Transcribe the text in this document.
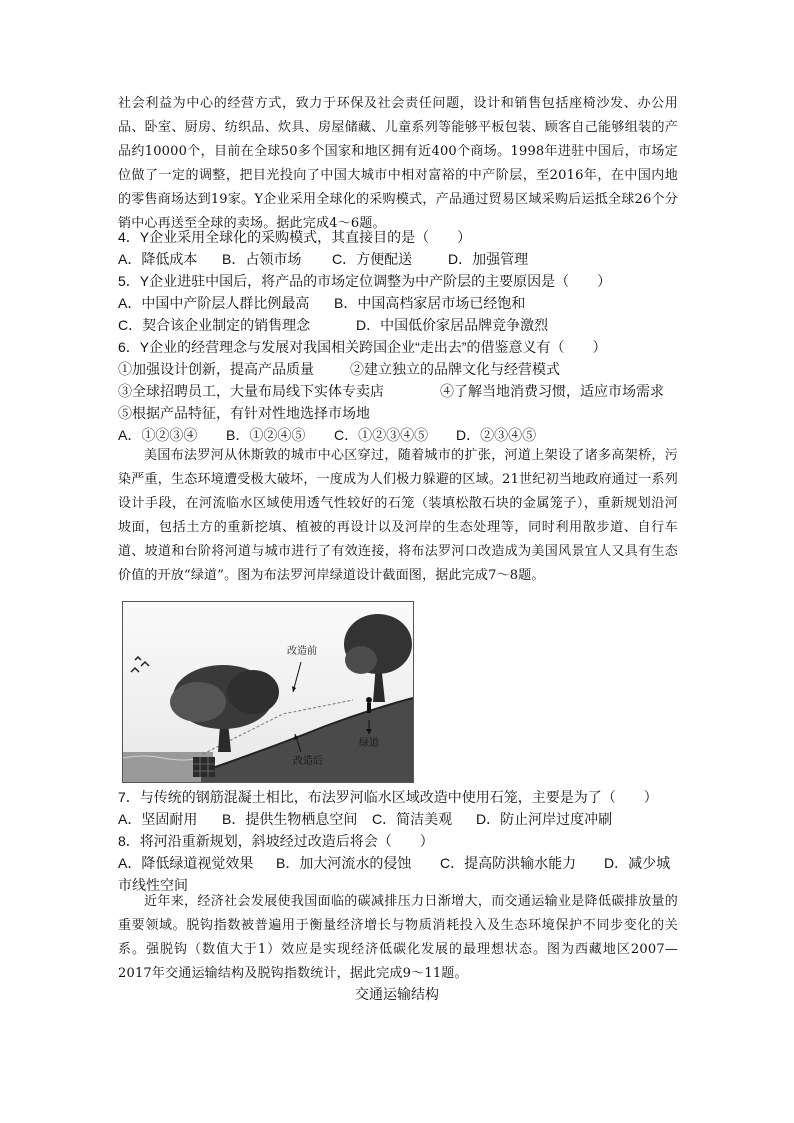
社会利益为中心的经营方式，致力于环保及社会责任问题，设计和销售包括座椅沙发、办公用品、卧室、厨房、纺织品、炊具、房屋储藏、儿童系列等能够平板包装、顾客自己能够组装的产品约10000个，目前在全球50多个国家和地区拥有近400个商场。1998年进驻中国后，市场定位做了一定的调整，把目光投向了中国大城市中相对富裕的中产阶层，至2016年，在中国内地的零售商场达到19家。Y企业采用全球化的采购模式，产品通过贸易区域采购后运抵全球26个分销中心再送至全球的卖场。据此完成4～6题。

4．Y企业采用全球化的采购模式，其直接目的是（　　）
A．降低成本	B．占领市场	C．方便配送	D．加强管理
5．Y企业进驻中国后，将产品的市场定位调整为中产阶层的主要原因是（　　）
A．中国中产阶层人群比例最高	B．中国高档家居市场已经饱和
C．契合该企业制定的销售理念	D．中国低价家居品牌竞争激烈
6．Y企业的经营理念与发展对我国相关跨国企业“走出去”的借鉴意义有（　　）
①加强设计创新，提高产品质量	②建立独立的品牌文化与经营模式
③全球招聘员工，大量布局线下实体专卖店	④了解当地消费习惯，适应市场需求
⑤根据产品特征，有针对性地选择市场地
A．①②③④	B．①②④⑤	C．①②③④⑤	D．②③④⑤

美国布法罗河从休斯敦的城市中心区穿过，随着城市的扩张，河道上架设了诸多高架桥，污染严重，生态环境遭受极大破坏，一度成为人们极力躲避的区域。21世纪初当地政府通过一系列设计手段，在河流临水区域使用透气性较好的石笼（装填松散石块的金属笼子），重新规划沿河坡面，包括土方的重新挖填、植被的再设计以及河岸的生态处理等，同时利用散步道、自行车道、坡道和台阶将河道与城市进行了有效连接，将布法罗河口改造成为美国风景宜人又具有生态价值的开放“绿道”。图为布法罗河岸绿道设计截面图，据此完成7～8题。

改造前
改造后
绿道
7．与传统的钢筋混凝土相比，布法罗河临水区域改造中使用石笼，主要是为了（　　）
A．坚固耐用	B．提供生物栖息空间	C．简洁美观	D．防止河岸过度冲刷
8．将河沿重新规划，斜坡经过改造后将会（　　）
A．降低绿道视觉效果	B．加大河流水的侵蚀	C．提高防洪输水能力	D．减少城
市线性空间

近年来，经济社会发展使我国面临的碳减排压力日渐增大，而交通运输业是降低碳排放量的重要领域。脱钩指数被普遍用于衡量经济增长与物质消耗投入及生态环境保护不同步变化的关系。强脱钩（数值大于1）效应是实现经济低碳化发展的最理想状态。图为西藏地区2007—2017年交通运输结构及脱钩指数统计，据此完成9～11题。

交通运输结构
